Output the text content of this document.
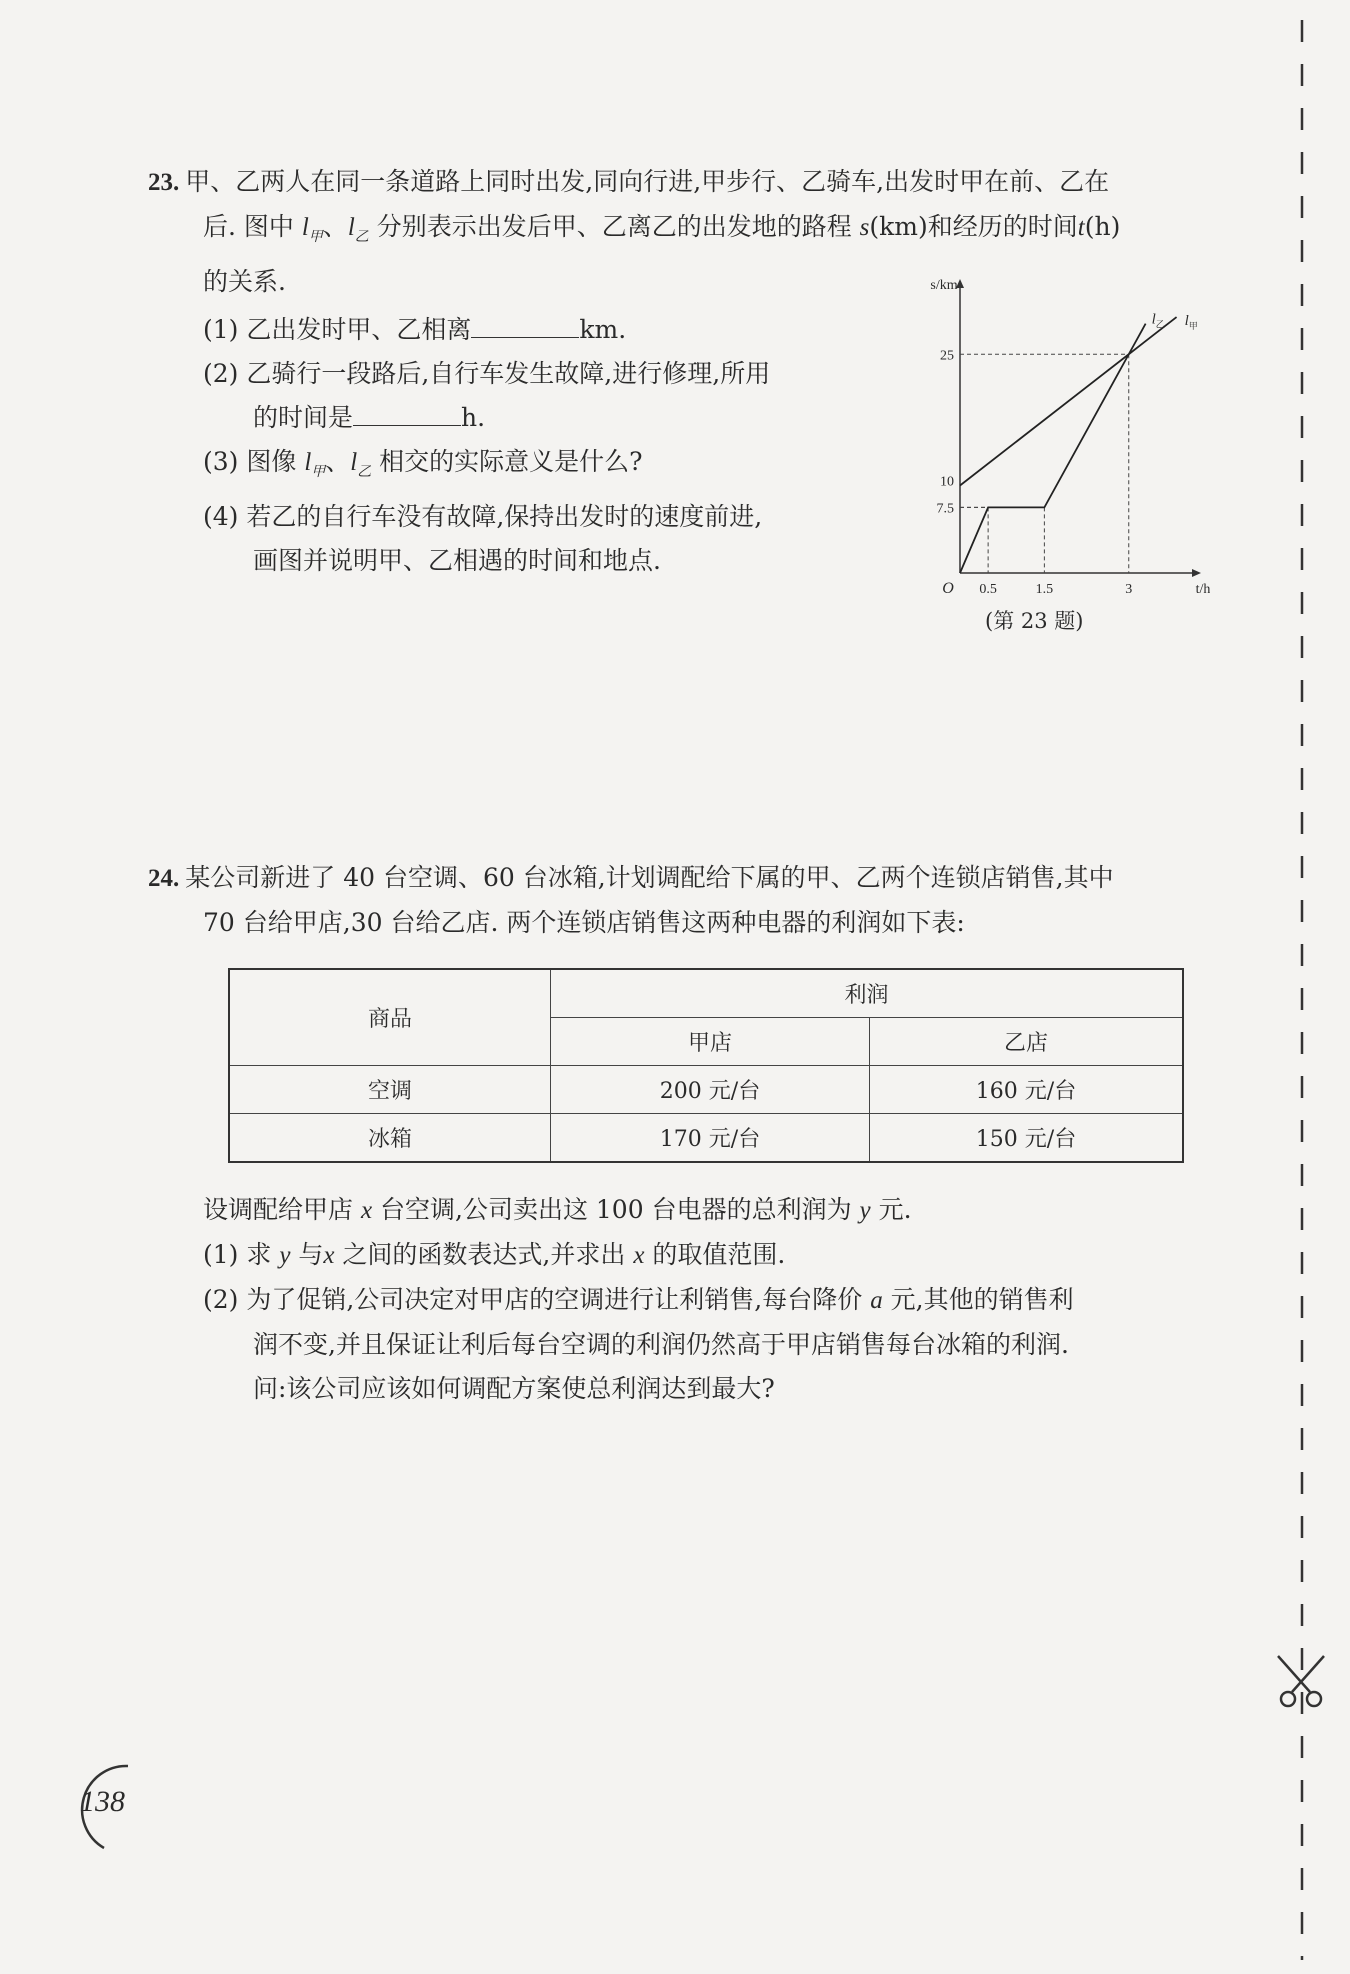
23. 甲、乙两人在同一条道路上同时出发,同向行进,甲步行、乙骑车,出发时甲在前、乙在
后. 图中 $l_甲$、$l_乙$ 分别表示出发后甲、乙离乙的出发地的路程 s(km)和经历的时间t(h)
的关系.
(1) 乙出发时甲、乙相离	km.
(2) 乙骑行一段路后,自行车发生故障,进行修理,所用
的时间是	h.
(3) 图像 $l_甲$、$l_乙$ 相交的实际意义是什么?
(4) 若乙的自行车没有故障,保持出发时的速度前进,
画图并说明甲、乙相遇的时间和地点.
s/km
t/h
O 0.5	1.5	3
7.5
10
25
$l_甲$
$l_乙$
(第 23 题)
24. 某公司新进了 40 台空调、60 台冰箱,计划调配给下属的甲、乙两个连锁店销售,其中
70 台给甲店,30 台给乙店. 两个连锁店销售这两种电器的利润如下表:
商品	利润	
	甲店	乙店
空调	200 元/台	160 元/台
冰箱	170 元/台	150 元/台
设调配给甲店 x 台空调,公司卖出这 100 台电器的总利润为 y 元.
(1) 求 y 与x 之间的函数表达式,并求出 x 的取值范围.
(2) 为了促销,公司决定对甲店的空调进行让利销售,每台降价 a 元,其他的销售利
润不变,并且保证让利后每台空调的利润仍然高于甲店销售每台冰箱的利润.
问:该公司应该如何调配方案使总利润达到最大?
138
